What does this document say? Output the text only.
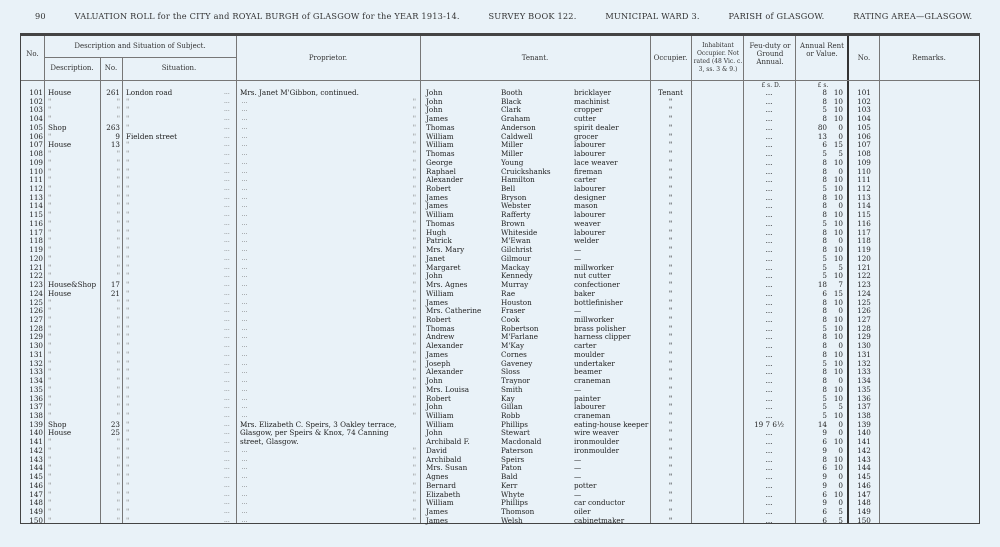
90	VALUATION ROLL for the CITY and ROYAL BURGH of GLASGOW for the YEAR 1913-14.	SURVEY BOOK 122.	MUNICIPAL WARD 3.	PARISH of GLASGOW.	RATING AREA—GLASGOW.
No.
Description and Situation of Subject.
Description.	No.	Situation.
Proprietor.	Tenant.	Occupier.
Inhabitant Occupier. Not rated (48 Vic. c. 3, ss. 3 & 9.)
Feu-duty or Ground Annual.
Annual Rent or Value.	No.	Remarks.
£ s. D.	£ s.
101 House	261 London road ...	Mrs. Janet M'Gibbon, continued.	John	Booth	bricklayer	Tenant	...	8 10	101
102 "	" " ...	"	John	Black	machinist	"	...	8 10	102
103 "	" " ...	"	John	Clark	cropper	"	...	5 10	103
104 "	" " ...	"	James	Graham	cutter	"	...	8 10	104
105 Shop	263 " ...	"	Thomas	Anderson	spirit dealer	"	...	80	0	105
106 "	9 Fielden street ...	"	William	Caldwell	grocer	"	...	13	0	106
107 House	13 " ...	"	William	Miller	labourer	"	...	6 15	107
108 "	" " ...	"	Thomas	Miller	labourer	"	...	5	5	108
109 "	" " ...	"	George	Young	lace weaver	"	...	8 10	109
110 "	" " ...	"	Raphael	Cruickshanks	fireman	"	...	8	0	110
111 "	" " ...	"	Alexander	Hamilton	carter	"	...	8 10	111
112 "	" " ...	"	Robert	Bell	labourer	"	...	5 10	112
113 "	" " ...	"	James	Bryson	designer	"	...	8 10	113
114 "	" " ...	"	James	Webster	mason	"	...	8	0	114
115 "	" " ...	"	William	Rafferty	labourer	"	...	8 10	115
116 "	" " ...	"	Thomas	Brown	weaver	"	...	5 10	116
117 "	" " ...	"	Hugh	Whiteside	labourer	"	...	8 10	117
118 "	" " ...	"	Patrick	M'Ewan	welder	"	...	8	0	118
119 "	" " ...	"	Mrs. Mary	Gilchrist	—	"	...	8 10	119
120 "	" " ...	"	Janet	Gilmour	—	"	...	5 10	120
121 "	" " ...	"	Margaret	Mackay	millworker	"	...	5	5	121
122 "	" " ...	"	John	Kennedy	nut cutter	"	...	5 10	122
123 House&Shop	17 " ...	"	Mrs. Agnes	Murray	confectioner	"	...	18	7	123
124 House	21 " ...	"	William	Rae	baker	"	...	6 15	124
125 "	" " ...	"	James	Houston	bottlefinisher	"	...	8 10	125
126 "	" " ...	"	Mrs. Catherine	Fraser	—	"	...	8	0	126
127 "	" " ...	"	Robert	Cook	millworker	"	...	8 10	127
128 "	" " ...	"	Thomas	Robertson	brass polisher	"	...	5 10	128
129 "	" " ...	"	Andrew	M'Farlane	harness clipper	"	...	8 10	129
130 "	" " ...	"	Alexander	M'Kay	carter	"	...	8	0	130
131 "	" " ...	"	James	Cornes	moulder	"	...	8 10	131
132 "	" " ...	"	Joseph	Gaveney	undertaker	"	...	5 10	132
133 "	" " ...	"	Alexander	Sloss	beamer	"	...	8 10	133
134 "	" " ...	"	John	Traynor	craneman	"	...	8	0	134
135 "	" " ...	"	Mrs. Louisa	Smith	—	"	...	8 10	135
136 "	" " ...	"	Robert	Kay	painter	"	...	5 10	136
137 "	" " ...	"	John	Gillan	labourer	"	...	5	5	137
138 "	" " ...	"	William	Robb	craneman	"	...	5 10	138
139 Shop	23 " ...	Mrs. Elizabeth C. Speirs, 3 Oakley terrace,	William	Phillips	eating-house keeper	"	19 7 6½	14	0	139
140 House	25 " ...	Glasgow, per Speirs & Knox, 74 Canning	John	Stewart	wire weaver	"	...	9	0	140
141 "	" " ...	street, Glasgow.	Archibald F.	Macdonald	ironmoulder	"	...	6 10	141
142 "	" " ...	"	David	Paterson	ironmoulder	"	...	9	0	142
143 "	" " ...	"	Archibald	Speirs	—	"	...	8 10	143
144 "	" " ...	"	Mrs. Susan	Paton	—	"	...	6 10	144
145 "	" " ...	"	Agnes	Bald	—	"	...	9	0	145
146 "	" " ...	"	Bernard	Kerr	potter	"	...	9	0	146
147 "	" " ...	"	Elizabeth	Whyte	—	"	...	6 10	147
148 "	" " ...	"	William	Phillips	car conductor	"	...	9	0	148
149 "	" " ...	"	James	Thomson	oiler	"	...	6	5	149
150 "	" " ...	"	James	Welsh	cabinetmaker	"	...	6	5	150
